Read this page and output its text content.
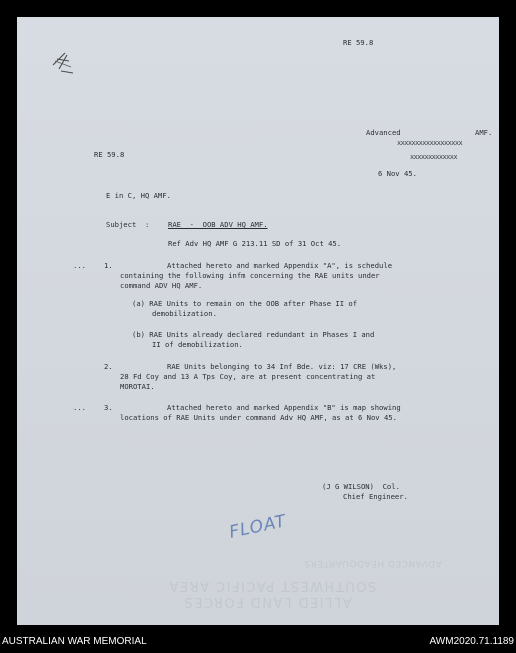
RE 59.8
Advanced	AMF.
xxxxxxxxxxxxxxxxxx
xxxxxxxxxxxxx
6 Nov 45.
RE 59.8
E in C, HQ AMF.
Subject  :	RAE  -  OOB ADV HQ AMF.
Ref Adv HQ AMF G 213.11 SD of 31 Oct 45.
...	1.	Attached hereto and marked Appendix "A", is schedule
containing the following infm concerning the RAE units under
command ADV HQ AMF.
(a) RAE Units to remain on the OOB after Phase II of
demobilization.
(b) RAE Units already declared redundant in Phases I and
II of demobilization.
2.	RAE Units belonging to 34 Inf Bde. viz: 17 CRE (Wks),
28 Fd Coy and 13 A Tps Coy, are at present concentrating at
MOROTAI.
...	3.	Attached hereto and marked Appendix "B" is map showing
locations of RAE Units under command Adv HQ AMF, as at 6 Nov 45.
(J G WILSON)  Col.
Chief Engineer.
FLOAT
ADVANCED HEADQUARTERS
SOUTHWEST PACIFIC AREA
ALLIED LAND FORCES
AUSTRALIAN WAR MEMORIAL	AWM2020.71.1189
